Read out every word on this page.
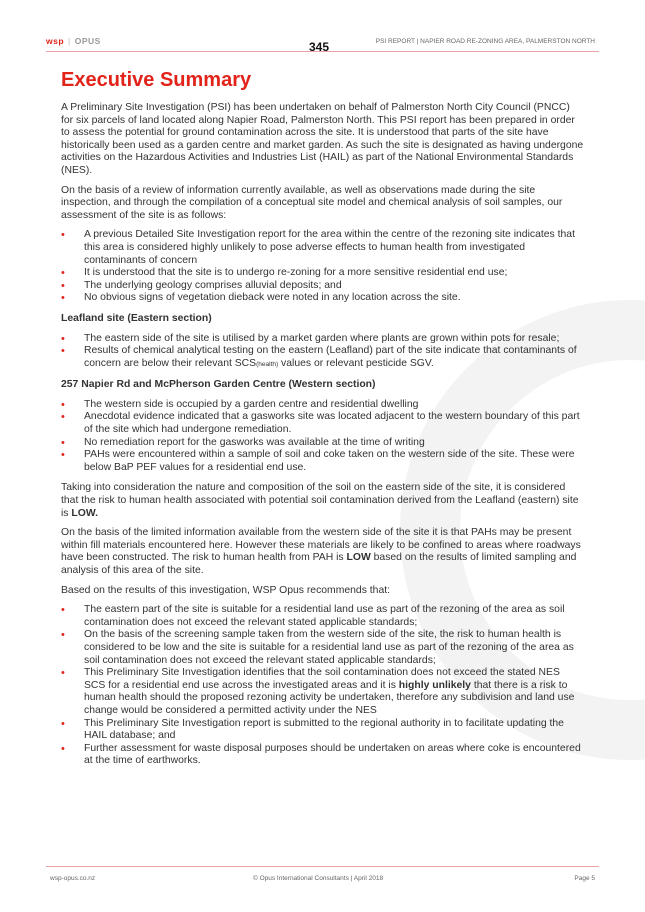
wsp | OPUS	345	PSI REPORT | NAPIER ROAD RE-ZONING AREA, PALMERSTON NORTH
Executive Summary

A Preliminary Site Investigation (PSI) has been undertaken on behalf of Palmerston North City Council (PNCC) for six parcels of land located along Napier Road, Palmerston North. This PSI report has been prepared in order to assess the potential for ground contamination across the site. It is understood that parts of the site have historically been used as a garden centre and market garden. As such the site is designated as having undergone activities on the Hazardous Activities and Industries List (HAIL) as part of the National Environmental Standards (NES).

On the basis of a review of information currently available, as well as observations made during the site inspection, and through the compilation of a conceptual site model and chemical analysis of soil samples, our assessment of the site is as follows:

• A previous Detailed Site Investigation report for the area within the centre of the rezoning site indicates that this area is considered highly unlikely to pose adverse effects to human health from investigated contaminants of concern
• It is understood that the site is to undergo re-zoning for a more sensitive residential end use;
• The underlying geology comprises alluvial deposits; and
• No obvious signs of vegetation dieback were noted in any location across the site.
Leafland site (Eastern section)
• The eastern side of the site is utilised by a market garden where plants are grown within pots for resale;
• Results of chemical analytical testing on the eastern (Leafland) part of the site indicate that contaminants of concern are below their relevant SCS(health) values or relevant pesticide SGV.
257 Napier Rd and McPherson Garden Centre (Western section)
• The western side is occupied by a garden centre and residential dwelling
• Anecdotal evidence indicated that a gasworks site was located adjacent to the western boundary of this part of the site which had undergone remediation.
• No remediation report for the gasworks was available at the time of writing
• PAHs were encountered within a sample of soil and coke taken on the western side of the site. These were below BaP PEF values for a residential end use.

Taking into consideration the nature and composition of the soil on the eastern side of the site, it is considered that the risk to human health associated with potential soil contamination derived from the Leafland (eastern) site is LOW.

On the basis of the limited information available from the western side of the site it is that PAHs may be present within fill materials encountered here. However these materials are likely to be confined to areas where roadways have been constructed. The risk to human health from PAH is LOW based on the results of limited sampling and analysis of this area of the site.

Based on the results of this investigation, WSP Opus recommends that:

• The eastern part of the site is suitable for a residential land use as part of the rezoning of the area as soil contamination does not exceed the relevant stated applicable standards;
• On the basis of the screening sample taken from the western side of the site, the risk to human health is considered to be low and the site is suitable for a residential land use as part of the rezoning of the area as soil contamination does not exceed the relevant stated applicable standards;
• This Preliminary Site Investigation identifies that the soil contamination does not exceed the stated NES SCS for a residential end use across the investigated areas and it is highly unlikely that there is a risk to human health should the proposed rezoning activity be undertaken, therefore any subdivision and land use change would be considered a permitted activity under the NES
• This Preliminary Site Investigation report is submitted to the regional authority in to facilitate updating the HAIL database; and
• Further assessment for waste disposal purposes should be undertaken on areas where coke is encountered at the time of earthworks.
wsp-opus.co.nz	© Opus International Consultants | April 2018	Page 5
